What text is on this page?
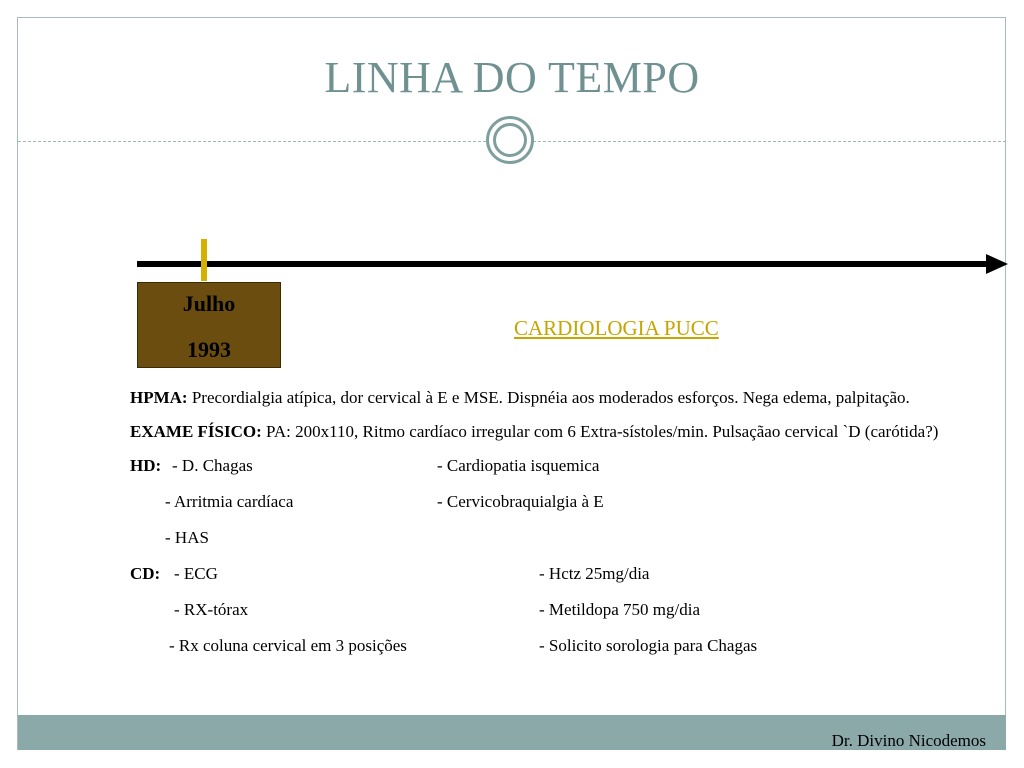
LINHA DO TEMPO
Julho
1993
CARDIOLOGIA PUCC

HPMA: Precordialgia atípica, dor cervical à E e MSE. Dispnéia aos moderados esforços. Nega edema, palpitação.

EXAME FÍSICO: PA: 200x110, Ritmo cardíaco irregular com 6 Extra-sístoles/min. Pulsaçãao cervical `D (carótida?)

HD: - D. Chagas	- Cardiopatia isquemica
- Arritmia cardíaca	- Cervicobraquialgia à E
- HAS
CD: - ECG	- Hctz 25mg/dia
- RX-tórax	- Metildopa 750 mg/dia
- Rx coluna cervical em 3 posições	- Solicito sorologia para Chagas
Dr. Divino Nicodemos
